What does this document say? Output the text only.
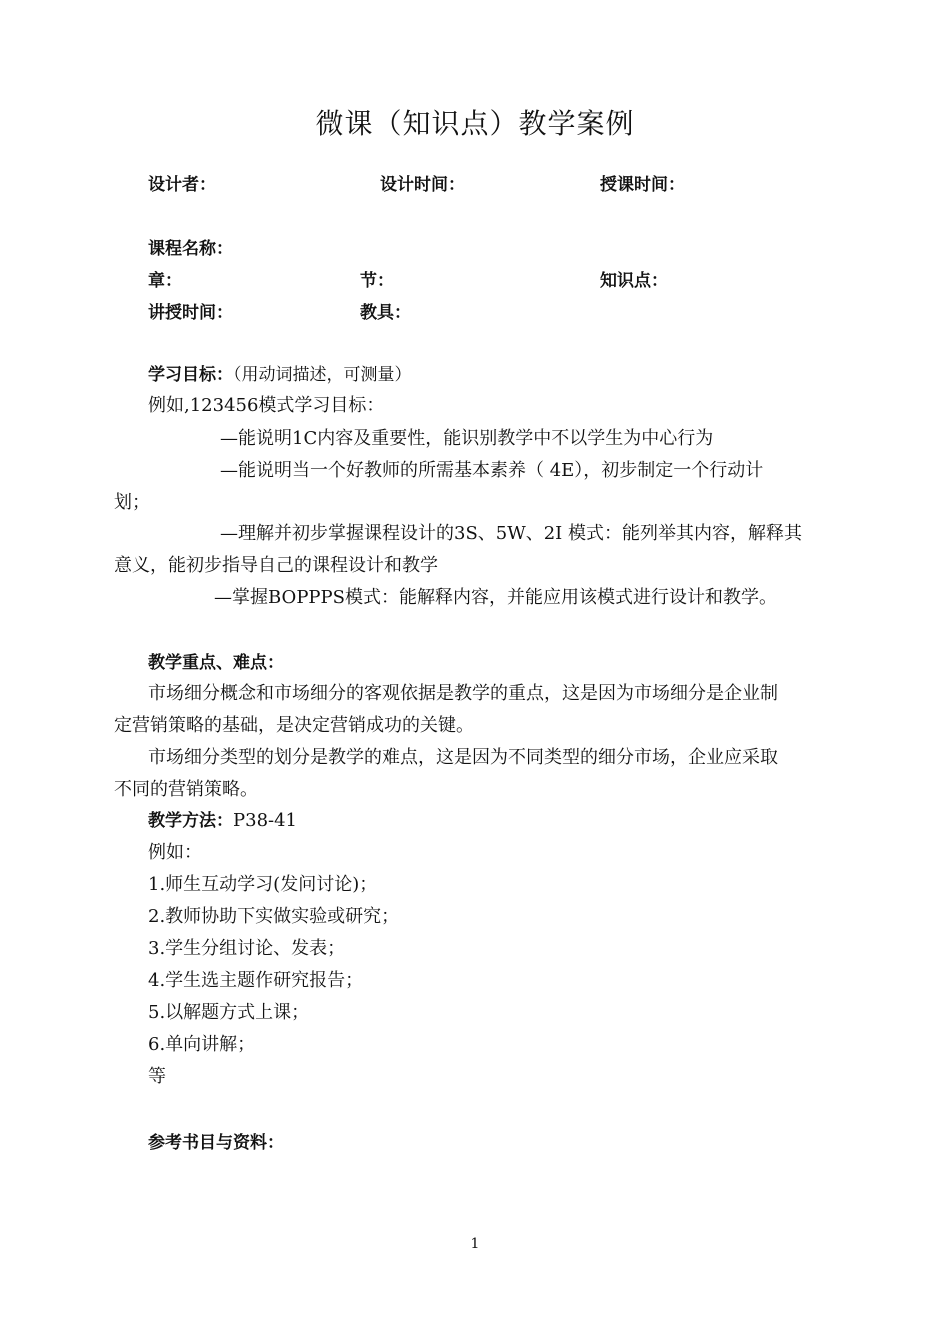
微课（知识点）教学案例
设计者：	设计时间：	授课时间：
课程名称：
章：	节：	知识点：
讲授时间：	教具：
学习目标：（用动词描述，可测量）
例如,123456模式学习目标：
—能说明1C内容及重要性，能识别教学中不以学生为中心行为
—能说明当一个好教师的所需基本素养（ 4E），初步制定一个行动计
划；
—理解并初步掌握课程设计的3S、5W、2I 模式：能列举其内容，解释其
意义，能初步指导自己的课程设计和教学
—掌握BOPPPS模式：能解释内容，并能应用该模式进行设计和教学。
教学重点、难点：
市场细分概念和市场细分的客观依据是教学的重点，这是因为市场细分是企业制
定营销策略的基础，是决定营销成功的关键。
市场细分类型的划分是教学的难点，这是因为不同类型的细分市场，企业应采取
不同的营销策略。
教学方法：P38-41
例如：
1.师生互动学习(发问讨论)；
2.教师协助下实做实验或研究；
3.学生分组讨论、发表；
4.学生选主题作研究报告；
5.以解题方式上课；
6.单向讲解；
等
参考书目与资料：
1
